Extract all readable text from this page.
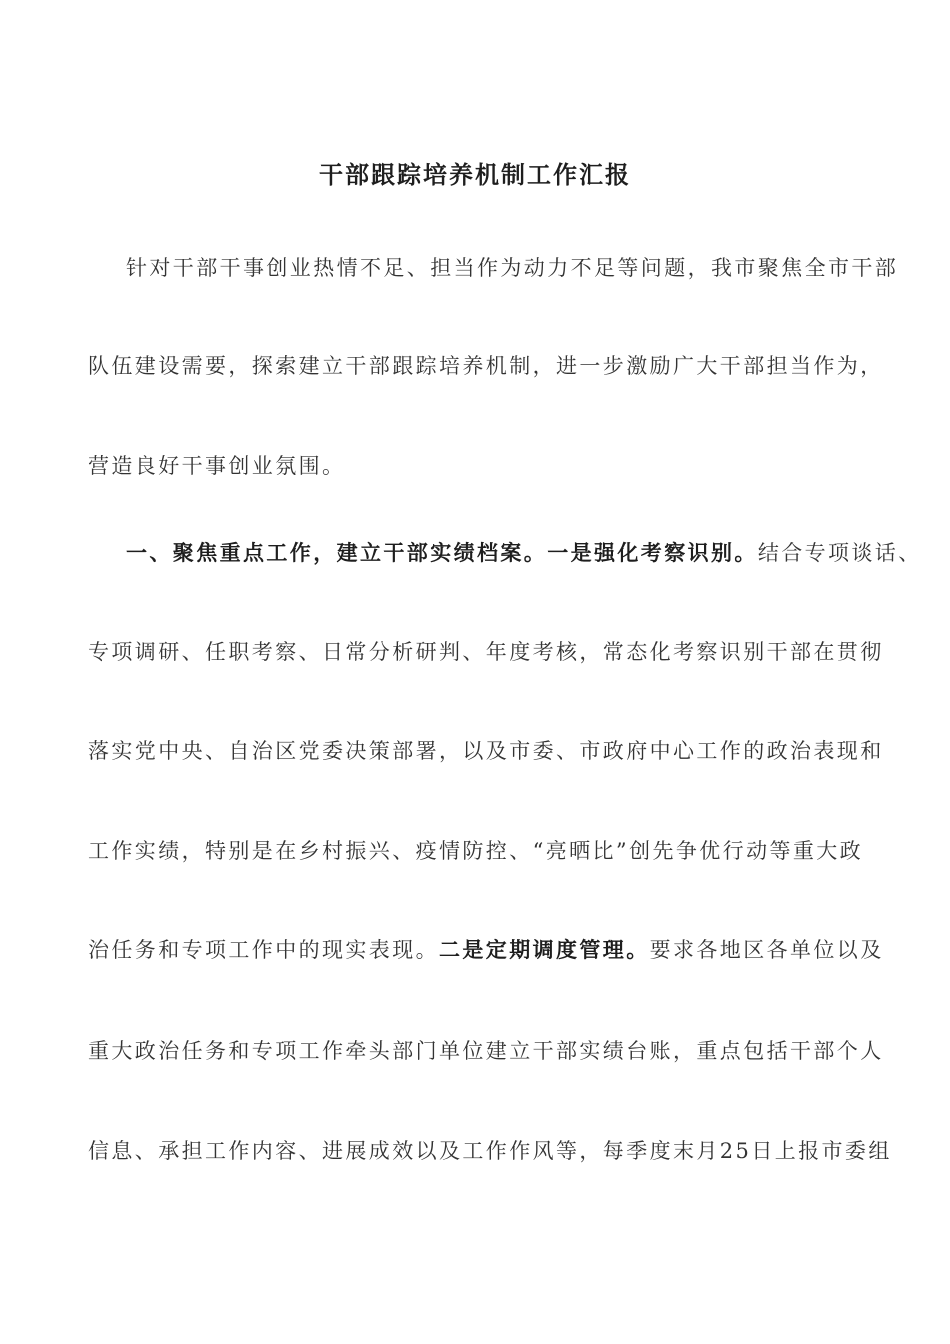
干部跟踪培养机制工作汇报
针对干部干事创业热情不足、担当作为动力不足等问题，我市聚焦全市干部
队伍建设需要，探索建立干部跟踪培养机制，进一步激励广大干部担当作为，
营造良好干事创业氛围。
一、聚焦重点工作，建立干部实绩档案。一是强化考察识别。结合专项谈话、
专项调研、任职考察、日常分析研判、年度考核，常态化考察识别干部在贯彻
落实党中央、自治区党委决策部署，以及市委、市政府中心工作的政治表现和
工作实绩，特别是在乡村振兴、疫情防控、“亮晒比”创先争优行动等重大政
治任务和专项工作中的现实表现。二是定期调度管理。要求各地区各单位以及
重大政治任务和专项工作牵头部门单位建立干部实绩台账，重点包括干部个人
信息、承担工作内容、进展成效以及工作作风等，每季度末月25日上报市委组
